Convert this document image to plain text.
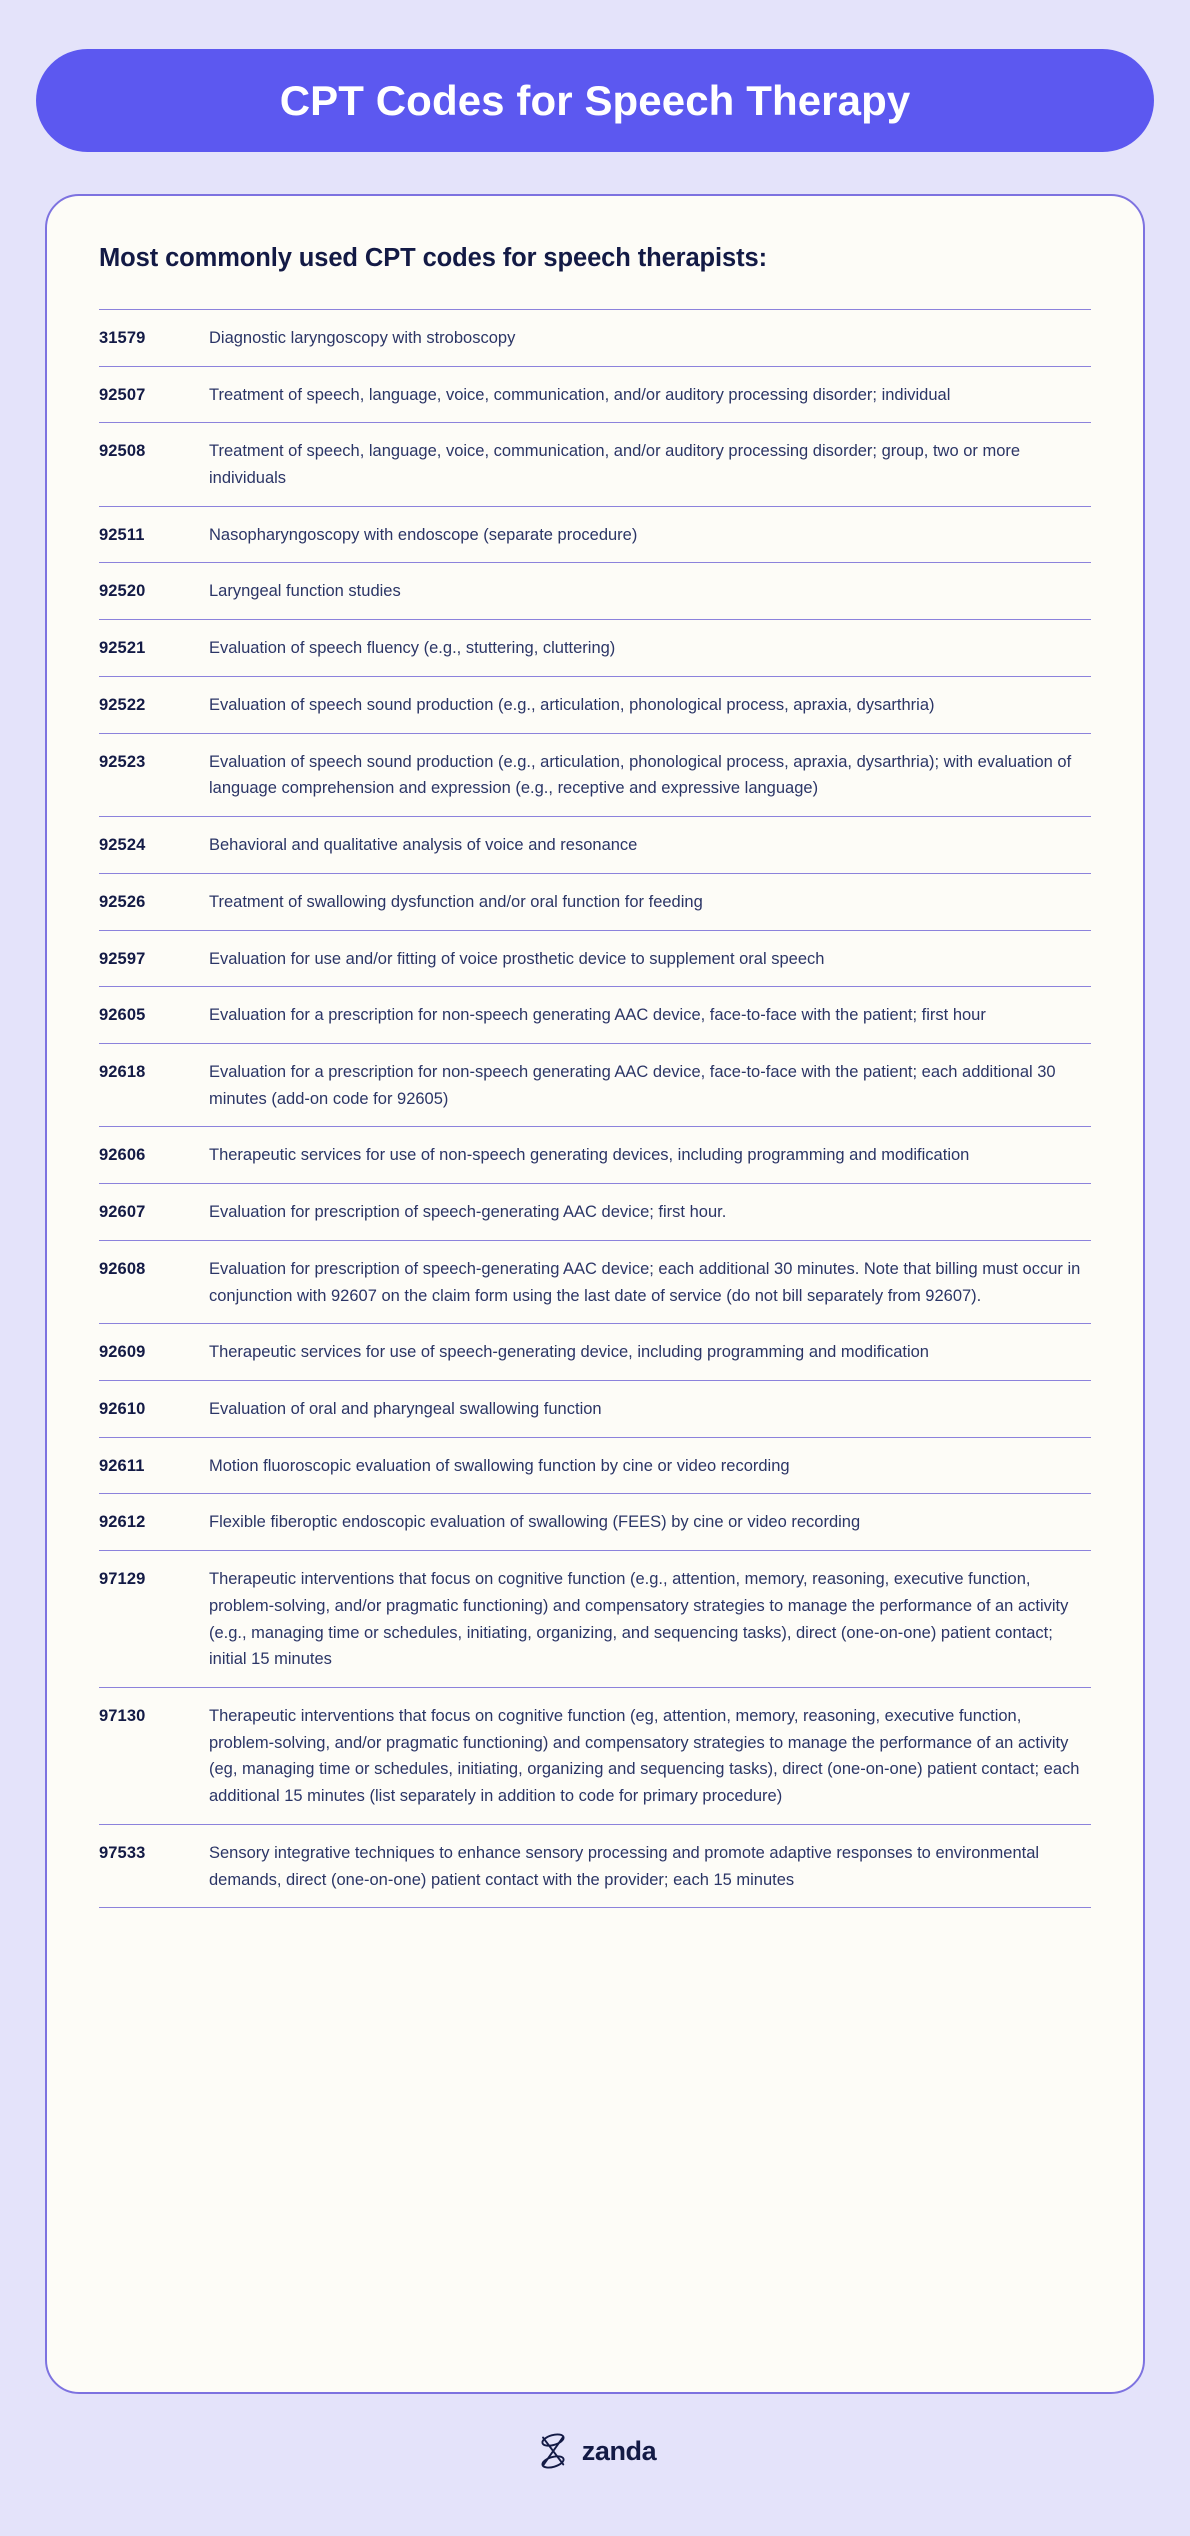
CPT Codes for Speech Therapy
Most commonly used CPT codes for speech therapists:
31579	Diagnostic laryngoscopy with stroboscopy
92507	Treatment of speech, language, voice, communication, and/or auditory processing disorder; individual
92508	Treatment of speech, language, voice, communication, and/or auditory processing disorder; group, two or more individuals
92511	Nasopharyngoscopy with endoscope (separate procedure)
92520	Laryngeal function studies
92521	Evaluation of speech fluency (e.g., stuttering, cluttering)
92522	Evaluation of speech sound production (e.g., articulation, phonological process, apraxia, dysarthria)
92523	Evaluation of speech sound production (e.g., articulation, phonological process, apraxia, dysarthria); with evaluation of language comprehension and expression (e.g., receptive and expressive language)
92524	Behavioral and qualitative analysis of voice and resonance
92526	Treatment of swallowing dysfunction and/or oral function for feeding
92597	Evaluation for use and/or fitting of voice prosthetic device to supplement oral speech
92605	Evaluation for a prescription for non-speech generating AAC device, face-to-face with the patient; first hour
92618	Evaluation for a prescription for non-speech generating AAC device, face-to-face with the patient; each additional 30 minutes (add-on code for 92605)
92606	Therapeutic services for use of non-speech generating devices, including programming and modification
92607	Evaluation for prescription of speech-generating AAC device; first hour.
92608	Evaluation for prescription of speech-generating AAC device; each additional 30 minutes. Note that billing must occur in conjunction with 92607 on the claim form using the last date of service (do not bill separately from 92607).
92609	Therapeutic services for use of speech-generating device, including programming and modification
92610	Evaluation of oral and pharyngeal swallowing function
92611	Motion fluoroscopic evaluation of swallowing function by cine or video recording
92612	Flexible fiberoptic endoscopic evaluation of swallowing (FEES) by cine or video recording
97129	Therapeutic interventions that focus on cognitive function (e.g., attention, memory, reasoning, executive function, problem-solving, and/or pragmatic functioning) and compensatory strategies to manage the performance of an activity (e.g., managing time or schedules, initiating, organizing, and sequencing tasks), direct (one-on-one) patient contact; initial 15 minutes
97130	Therapeutic interventions that focus on cognitive function (eg, attention, memory, reasoning, executive function, problem-solving, and/or pragmatic functioning) and compensatory strategies to manage the performance of an activity (eg, managing time or schedules, initiating, organizing and sequencing tasks), direct (one-on-one) patient contact; each additional 15 minutes (list separately in addition to code for primary procedure)
97533	Sensory integrative techniques to enhance sensory processing and promote adaptive responses to environmental demands, direct (one-on-one) patient contact with the provider; each 15 minutes
zanda
